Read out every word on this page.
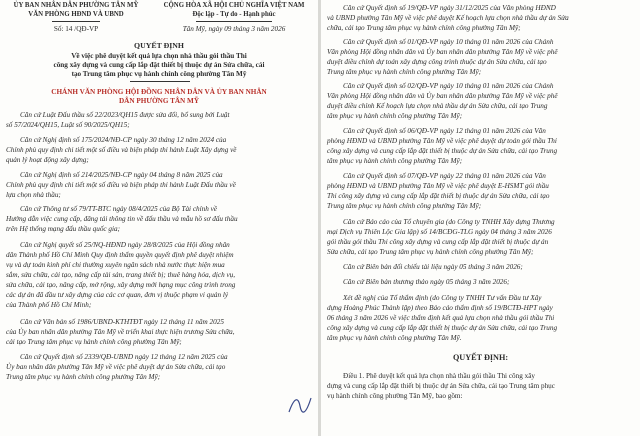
ỦY BAN NHÂN DÂN PHƯỜNG TÂN MỸ
VĂN PHÒNG HĐND VÀ UBND
Số: 14 /QĐ-VP
CỘNG HÒA XÃ HỘI CHỦ NGHĨA VIỆT NAM
Độc lập - Tự do - Hạnh phúc
Tân Mỹ, ngày 09 tháng 3 năm 2026
QUYẾT ĐỊNH
Về việc phê duyệt kết quả lựa chọn nhà thầu gói thầu Thi
công xây dựng và cung cấp lắp đặt thiết bị thuộc dự án Sửa chữa, cải
tạo Trung tâm phục vụ hành chính công phường Tân Mỹ
CHÁNH VĂN PHÒNG HỘI ĐỒNG NHÂN DÂN VÀ ỦY BAN NHÂN
DÂN PHƯỜNG TÂN MỸ
Căn cứ Luật Đấu thầu số 22/2023/QH15 được sửa đổi, bổ sung bởi Luật
số 57/2024/QH15, Luật số 90/2025/QH15;
Căn cứ Nghị định số 175/2024/NĐ-CP ngày 30 tháng 12 năm 2024 của
Chính phủ quy định chi tiết một số điều và biện pháp thi hành Luật Xây dựng về
quản lý hoạt động xây dựng;
Căn cứ Nghị định số 214/2025/NĐ-CP ngày 04 tháng 8 năm 2025 của
Chính phủ quy định chi tiết một số điều và biện pháp thi hành Luật Đấu thầu về
lựa chọn nhà thầu;
Căn cứ Thông tư số 79/TT-BTC ngày 08/4/2025 của Bộ Tài chính về
Hướng dẫn việc cung cấp, đăng tải thông tin về đấu thầu và mẫu hồ sơ đấu thầu
trên Hệ thống mạng đấu thầu quốc gia;
Căn cứ Nghị quyết số 25/NQ-HĐND ngày 28/8/2025 của Hội đồng nhân
dân Thành phố Hồ Chí Minh Quy định thẩm quyền quyết định phê duyệt nhiệm
vụ và dự toán kinh phí chi thường xuyên ngân sách nhà nước thực hiện mua
sắm, sửa chữa, cải tạo, nâng cấp tài sản, trang thiết bị; thuê hàng hóa, dịch vụ,
sửa chữa, cải tạo, nâng cấp, mở rộng, xây dựng mới hạng mục công trình trong
các dự án đã đầu tư xây dựng của các cơ quan, đơn vị thuộc phạm vi quản lý
của Thành phố Hồ Chí Minh;
Căn cứ Văn bản số 1986/UBND-KTHTĐT ngày 12 tháng 11 năm 2025
của Ủy ban nhân dân phường Tân Mỹ về triển khai thực hiện trương Sửa chữa,
cải tạo Trung tâm phục vụ hành chính công phường Tân Mỹ;
Căn cứ Quyết định số 2339/QĐ-UBND ngày 12 tháng 12 năm 2025 của
Ủy ban nhân dân phường Tân Mỹ về việc phê duyệt dự án Sửa chữa, cải tạo
Trung tâm phục vụ hành chính công phường Tân Mỹ;
Căn cứ Quyết định số 19/QĐ-VP ngày 31/12/2025 của Văn phòng HĐND
và UBND phường Tân Mỹ về việc phê duyệt Kế hoạch lựa chọn nhà thầu dự án Sửa
chữa, cải tạo Trung tâm phục vụ hành chính công phường Tân Mỹ;
Căn cứ Quyết định số 01/QĐ-VP ngày 10 tháng 01 năm 2026 của Chánh
Văn phòng Hội đồng nhân dân và Ủy ban nhân dân phường Tân Mỹ về việc phê
duyệt điều chỉnh dự toán xây dựng công trình thuộc dự án Sửa chữa, cải tạo
Trung tâm phục vụ hành chính công phường Tân Mỹ;
Căn cứ Quyết định số 02/QĐ-VP ngày 10 tháng 01 năm 2026 của Chánh
Văn phòng Hội đồng nhân dân và Ủy ban nhân dân phường Tân Mỹ về việc phê
duyệt điều chỉnh Kế hoạch lựa chọn nhà thầu dự án Sửa chữa, cải tạo Trung
tâm phục vụ hành chính công phường Tân Mỹ;
Căn cứ Quyết định số 06/QĐ-VP ngày 12 tháng 01 năm 2026 của Văn
phòng HĐND và UBND phường Tân Mỹ về việc phê duyệt dự toán gói thầu Thi
công xây dựng và cung cấp lắp đặt thiết bị thuộc dự án Sửa chữa, cải tạo Trung
tâm phục vụ hành chính công phường Tân Mỹ;
Căn cứ Quyết định số 07/QĐ-VP ngày 22 tháng 01 năm 2026 của Văn
phòng HĐND và UBND phường Tân Mỹ về việc phê duyệt E-HSMT gói thầu
Thi công xây dựng và cung cấp lắp đặt thiết bị thuộc dự án Sửa chữa, cải tạo
Trung tâm phục vụ hành chính công phường Tân Mỹ;
Căn cứ Báo cáo của Tổ chuyên gia (do Công ty TNHH Xây dựng Thương
mại Dịch vụ Thiên Lộc Gia lập) số 14/BCĐG-TLG ngày 04 tháng 3 năm 2026
gói thầu gói thầu Thi công xây dựng và cung cấp lắp đặt thiết bị thuộc dự án
Sửa chữa, cải tạo Trung tâm phục vụ hành chính công phường Tân Mỹ;
Căn cứ Biên bản đối chiếu tài liệu ngày 05 tháng 3 năm 2026;
Căn cứ Biên bản thương thảo ngày 05 tháng 3 năm 2026;
Xét đề nghị của Tổ thẩm định (do Công ty TNHH Tư vấn Đầu tư Xây
dựng Hoàng Phúc Thành lập) theo Báo cáo thẩm định số 19/BCTĐ-HPT ngày
06 tháng 3 năm 2026 về việc thẩm định kết quả lựa chọn nhà thầu gói thầu Thi
công xây dựng và cung cấp lắp đặt thiết bị thuộc dự án Sửa chữa, cải tạo Trung
tâm phục vụ hành chính công phường Tân Mỹ.
QUYẾT ĐỊNH:
Điều 1. Phê duyệt kết quả lựa chọn nhà thầu gói thầu Thi công xây
dựng và cung cấp lắp đặt thiết bị thuộc dự án Sửa chữa, cải tạo Trung tâm phục
vụ hành chính công phường Tân Mỹ, bao gồm:
